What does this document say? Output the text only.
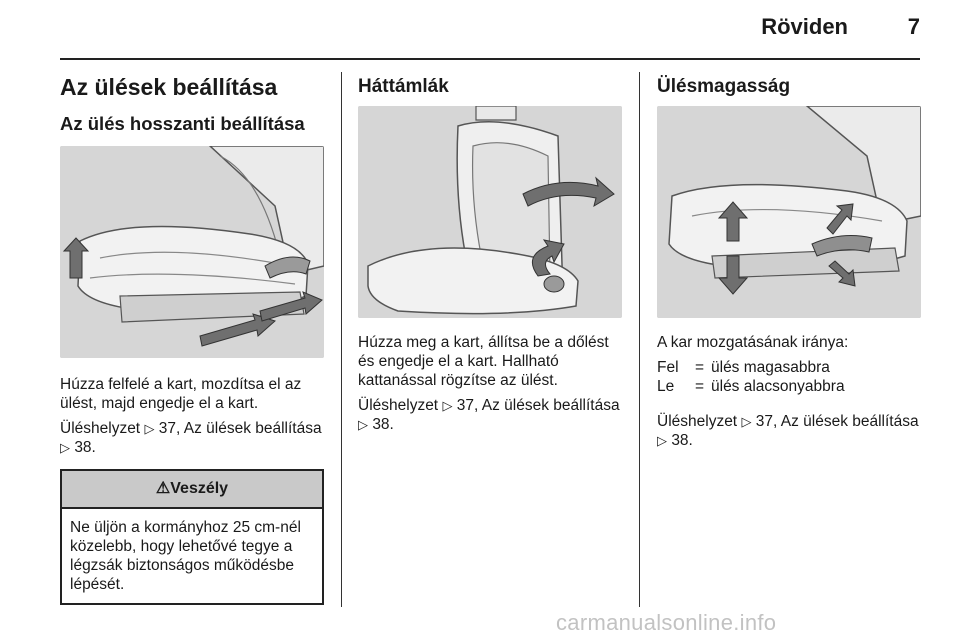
Röviden	7
Az ülések beállítása
Az ülés hosszanti beállítása

Húzza felfelé a kart, mozdítsa el az ülést, majd engedje el a kart.

Üléshelyzet ▷ 37, Az ülések beállítása ▷ 38.

⚠Veszély
Ne üljön a kormányhoz 25 cm-nél közelebb, hogy lehetővé tegye a légzsák biztonságos működésbe lépését.
Háttámlák

Húzza meg a kart, állítsa be a dőlést és engedje el a kart. Hallható kattanással rögzítse az ülést.

Üléshelyzet ▷ 37, Az ülések beállítása ▷ 38.

Ülésmagasság

A kar mozgatásának iránya:

Fel	= ülés magasabbra
Le	= ülés alacsonyabbra

Üléshelyzet ▷ 37, Az ülések beállítása ▷ 38.

carmanualsonline.info
